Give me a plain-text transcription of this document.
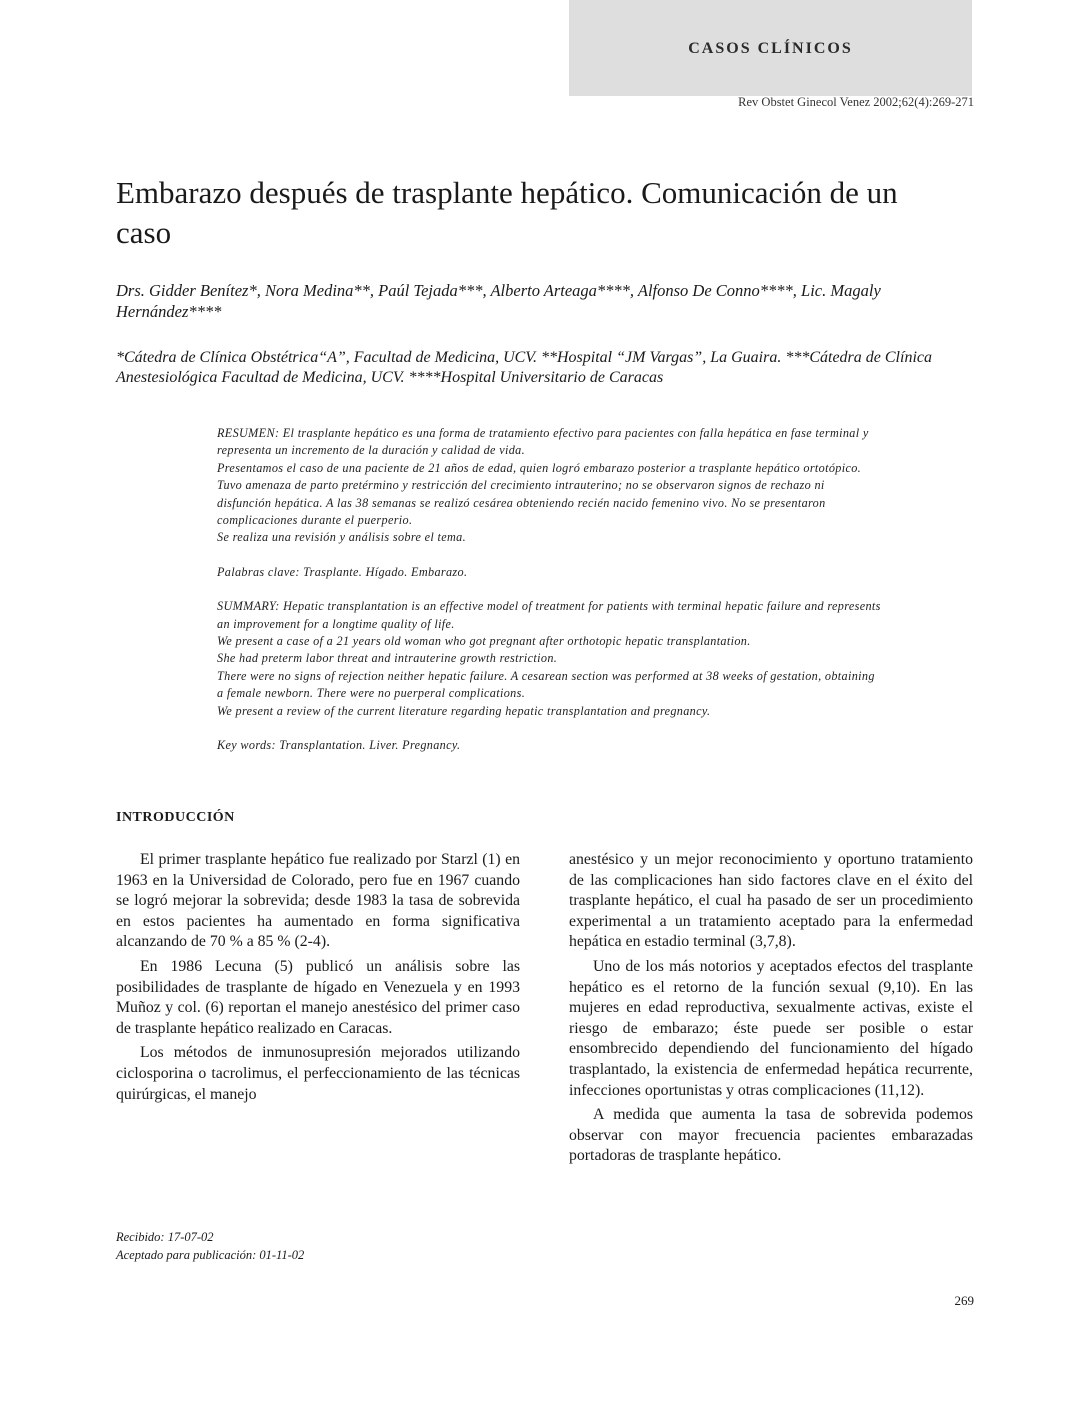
CASOS CLÍNICOS
Rev Obstet Ginecol Venez 2002;62(4):269-271
Embarazo después de trasplante hepático. Comunicación de un caso

Drs. Gidder Benítez*, Nora Medina**, Paúl Tejada***, Alberto Arteaga****, Alfonso De Conno****, Lic. Magaly Hernández****

*Cátedra de Clínica Obstétrica“A”, Facultad de Medicina, UCV. **Hospital “JM Vargas”, La Guaira. ***Cátedra de Clínica Anestesiológica Facultad de Medicina, UCV. ****Hospital Universitario de Caracas

RESUMEN: El trasplante hepático es una forma de tratamiento efectivo para pacientes con falla hepática en fase terminal y representa un incremento de la duración y calidad de vida.

Presentamos el caso de una paciente de 21 años de edad, quien logró embarazo posterior a trasplante hepático ortotópico. Tuvo amenaza de parto pretérmino y restricción del crecimiento intrauterino; no se observaron signos de rechazo ni disfunción hepática. A las 38 semanas se realizó cesárea obteniendo recién nacido femenino vivo. No se presentaron complicaciones durante el puerperio.

Se realiza una revisión y análisis sobre el tema.

Palabras clave: Trasplante. Hígado. Embarazo.

SUMMARY: Hepatic transplantation is an effective model of treatment for patients with terminal hepatic failure and represents an improvement for a longtime quality of life.

We present a case of a 21 years old woman who got pregnant after orthotopic hepatic transplantation.

She had preterm labor threat and intrauterine growth restriction.

There were no signs of rejection neither hepatic failure. A cesarean section was performed at 38 weeks of gestation, obtaining a female newborn. There were no puerperal complications.

We present a review of the current literature regarding hepatic transplantation and pregnancy.

Key words: Transplantation. Liver. Pregnancy.

INTRODUCCIÓN

El primer trasplante hepático fue realizado por Starzl (1) en 1963 en la Universidad de Colorado, pero fue en 1967 cuando se logró mejorar la sobrevida; desde 1983 la tasa de sobrevida en estos pacientes ha aumentado en forma significativa alcanzando de 70 % a 85 % (2-4).

En 1986 Lecuna (5) publicó un análisis sobre las posibilidades de trasplante de hígado en Venezuela y en 1993 Muñoz y col. (6) reportan el manejo anestésico del primer caso de trasplante hepático realizado en Caracas.

Los métodos de inmunosupresión mejorados utilizando ciclosporina o tacrolimus, el perfeccionamiento de las técnicas quirúrgicas, el manejo

anestésico y un mejor reconocimiento y oportuno tratamiento de las complicaciones han sido factores clave en el éxito del trasplante hepático, el cual ha pasado de ser un procedimiento experimental a un tratamiento aceptado para la enfermedad hepática en estadio terminal (3,7,8).

Uno de los más notorios y aceptados efectos del trasplante hepático es el retorno de la función sexual (9,10). En las mujeres en edad reproductiva, sexualmente activas, existe el riesgo de embarazo; éste puede ser posible o estar ensombrecido dependiendo del funcionamiento del hígado trasplantado, la existencia de enfermedad hepática recurrente, infecciones oportunistas y otras complicaciones (11,12).

A medida que aumenta la tasa de sobrevida podemos observar con mayor frecuencia pacientes embarazadas portadoras de trasplante hepático.

Recibido: 17-07-02
Aceptado para publicación: 01-11-02
269
